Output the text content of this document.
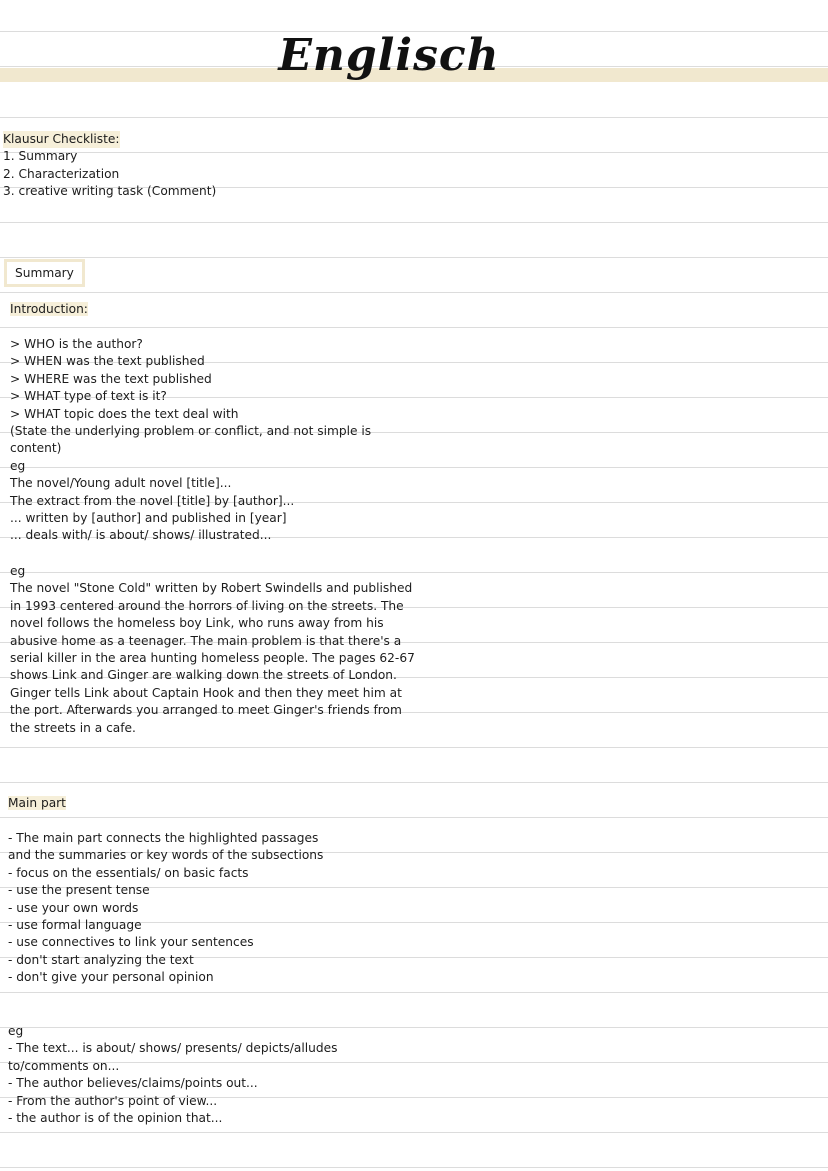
Englisch
Klausur Checkliste:
1. Summary
2. Characterization
3. creative writing task (Comment)
Summary
Introduction:
> WHO is the author?
> WHEN was the text published
> WHERE was the text published
> WHAT type of text is it?
> WHAT topic does the text deal with
(State the underlying problem or conflict, and not simple is
content)
eg
The novel/Young adult novel [title]...
The extract from the novel [title] by [author]...
... written by [author] and published in [year]
... deals with/ is about/ shows/ illustrated...
eg
The novel "Stone Cold" written by Robert Swindells and published
in 1993 centered around the horrors of living on the streets. The
novel follows the homeless boy Link, who runs away from his
abusive home as a teenager. The main problem is that there's a
serial killer in the area hunting homeless people. The pages 62-67
shows Link and Ginger are walking down the streets of London.
Ginger tells Link about Captain Hook and then they meet him at
the port. Afterwards you arranged to meet Ginger's friends from
the streets in a cafe.
Main part
- The main part connects the highlighted passages
and the summaries or key words of the subsections
- focus on the essentials/ on basic facts
- use the present tense
- use your own words
- use formal language
- use connectives to link your sentences
- don't start analyzing the text
- don't give your personal opinion
eg
- The text... is about/ shows/ presents/ depicts/alludes
to/comments on...
- The author believes/claims/points out...
- From the author's point of view...
- the author is of the opinion that...
